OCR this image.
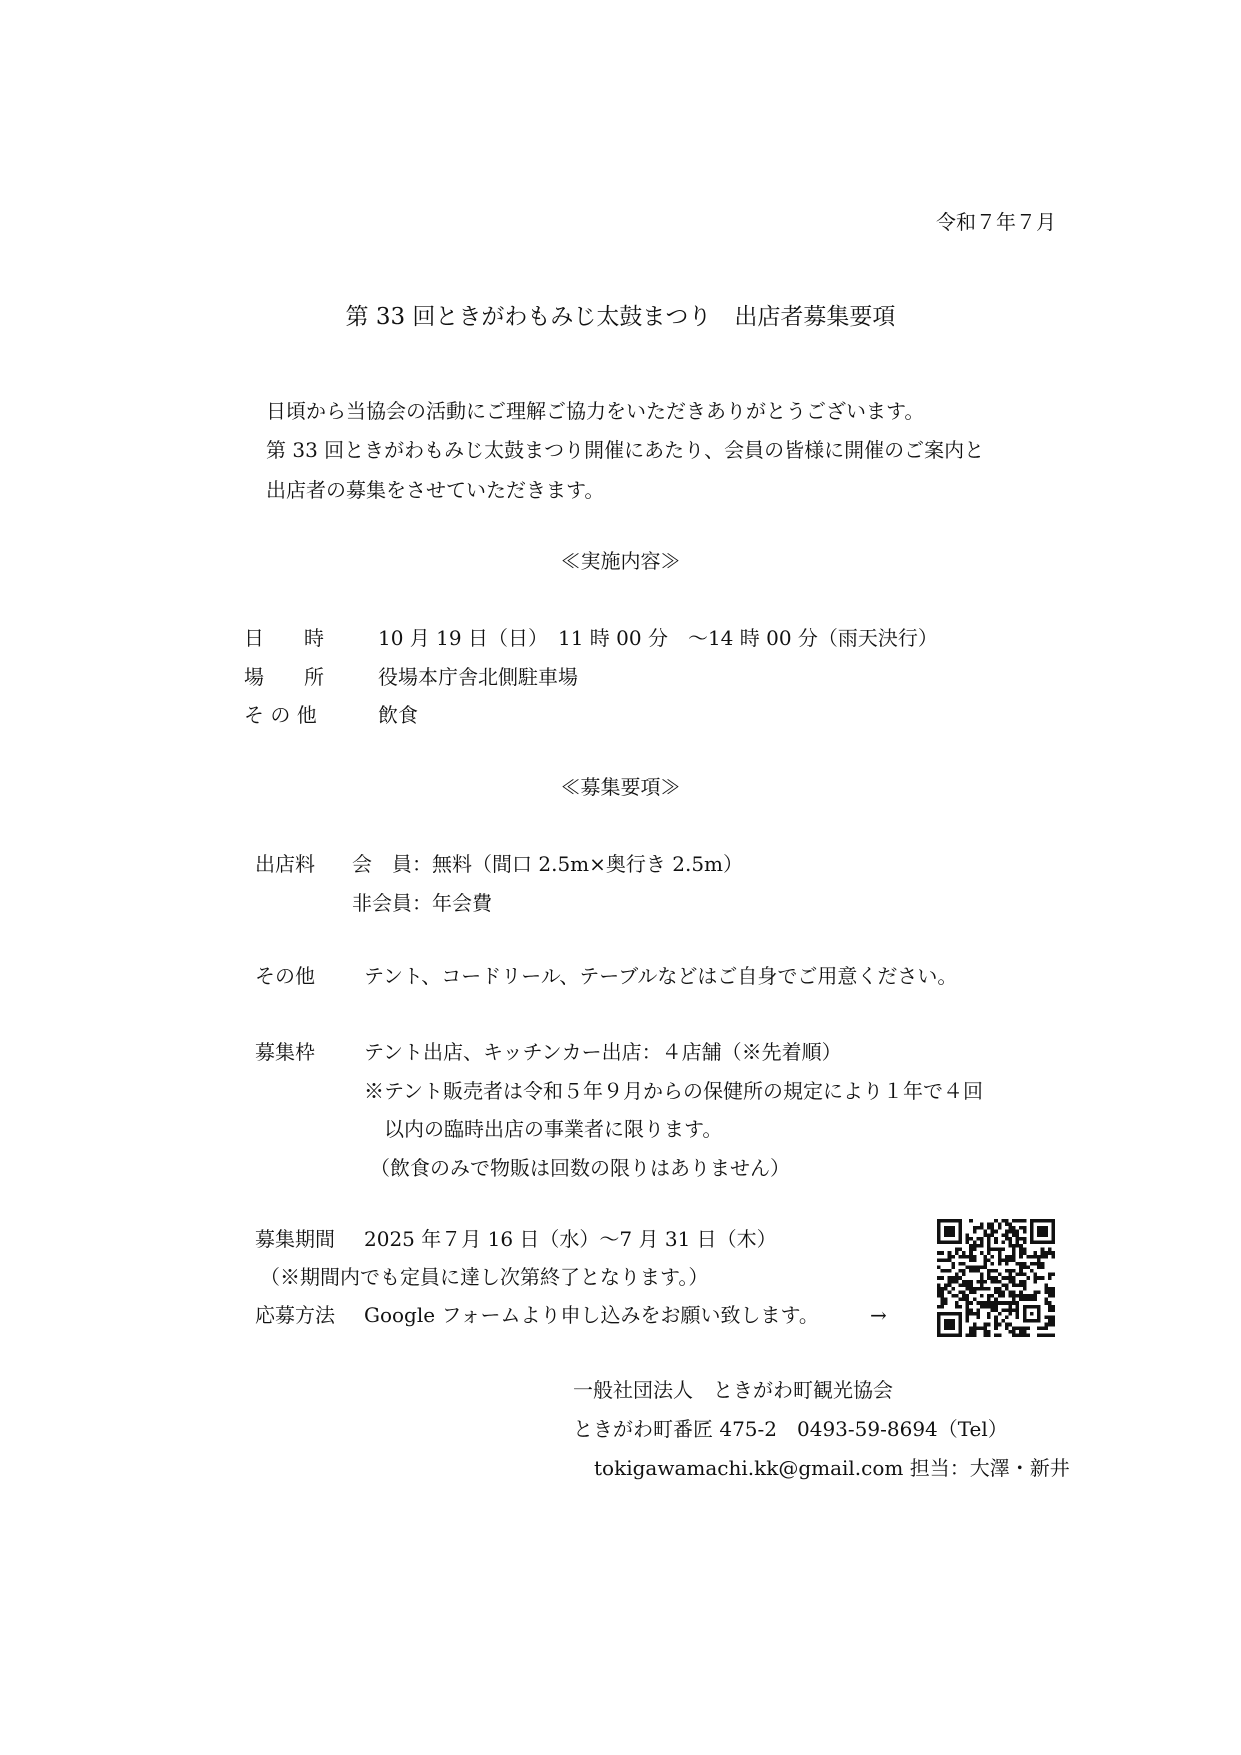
令和７年７月
第 33 回ときがわもみじ太鼓まつり　出店者募集要項
日頃から当協会の活動にご理解ご協力をいただきありがとうございます。
第 33 回ときがわもみじ太鼓まつり開催にあたり、会員の皆様に開催のご案内と
出店者の募集をさせていただきます。
≪実施内容≫
日　　時	10 月 19 日（日）　11 時 00 分　～14 時 00 分（雨天決行）
場　　所	役場本庁舎北側駐車場
そ の 他	飲食
≪募集要項≫
出店料 会　員：無料（間口 2.5m×奥行き 2.5m）
非会員：年会費
その他 テント、コードリール、テーブルなどはご自身でご用意ください。
募集枠 テント出店、キッチンカー出店：４店舗（※先着順）
※テント販売者は令和５年９月からの保健所の規定により１年で４回
以内の臨時出店の事業者に限ります。
（飲食のみで物販は回数の限りはありません）
募集期間 2025 年７月 16 日（水）～7 月 31 日（木）
（※期間内でも定員に達し次第終了となります。）
応募方法 Google フォームより申し込みをお願い致します。	→
一般社団法人　ときがわ町観光協会
ときがわ町番匠 475-2　0493-59-8694（Tel）
tokigawamachi.kk@gmail.com 担当：大澤・新井
